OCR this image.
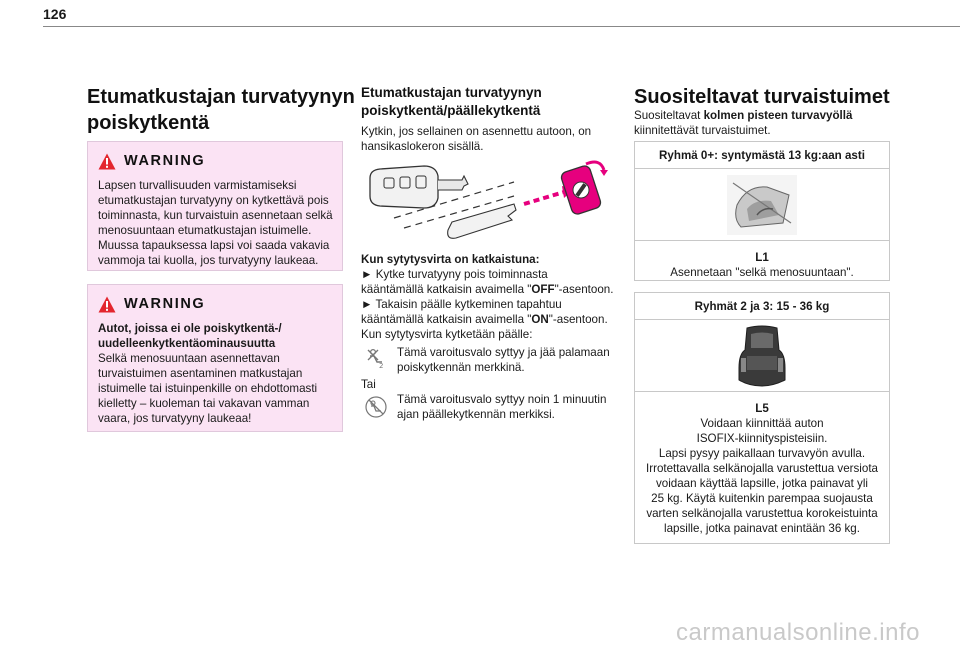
126
Etumatkustajan turvatyynyn
poiskytkentä
WARNING
Lapsen turvallisuuden varmistamiseksi
etumatkustajan turvatyyny on kytkettävä pois
toiminnasta, kun turvaistuin asennetaan selkä
menosuuntaan etumatkustajan istuimelle.
Muussa tapauksessa lapsi voi saada vakavia
vammoja tai kuolla, jos turvatyyny laukeaa.
WARNING
Autot, joissa ei ole poiskytkentä-/
uudelleenkytkentäominausuutta
Selkä menosuuntaan asennettavan
turvaistuimen asentaminen matkustajan
istuimelle tai istuinpenkille on ehdottomasti
kielletty – kuoleman tai vakavan vamman
vaara, jos turvatyyny laukeaa!
Etumatkustajan turvatyynyn
poiskytkentä/päällekytkentä
Kytkin, jos sellainen on asennettu autoon, on
hansikaslokeron sisällä.
Kun sytytysvirta on katkaistuna:
► Kytke turvatyyny pois toiminnasta
kääntämällä katkaisin avaimella "OFF"-asentoon.
► Takaisin päälle kytkeminen tapahtuu
kääntämällä katkaisin avaimella "ON"-asentoon.
Kun sytytysvirta kytketään päälle:
2
Tämä varoitusvalo syttyy ja jää palamaan
poiskytkennän merkkinä.
Tai
Tämä varoitusvalo syttyy noin 1 minuutin
ajan päällekytkennän merkiksi.
Suositeltavat turvaistuimet
Suositeltavat kolmen pisteen turvavyöllä
kiinnitettävät turvaistuimet.
Ryhmä 0+: syntymästä 13 kg:aan asti
L1
Asennetaan "selkä menosuuntaan".
Ryhmät 2 ja 3: 15 - 36 kg
L5
Voidaan kiinnittää auton
ISOFIX-kiinnityspisteisiin.
Lapsi pysyy paikallaan turvavyön avulla.
Irrotettavalla selkänojalla varustettua versiota
voidaan käyttää lapsille, jotka painavat yli
25 kg. Käytä kuitenkin parempaa suojausta
varten selkänojalla varustettua korokeistuinta
lapsille, jotka painavat enintään 36 kg.
carmanualsonline.info
